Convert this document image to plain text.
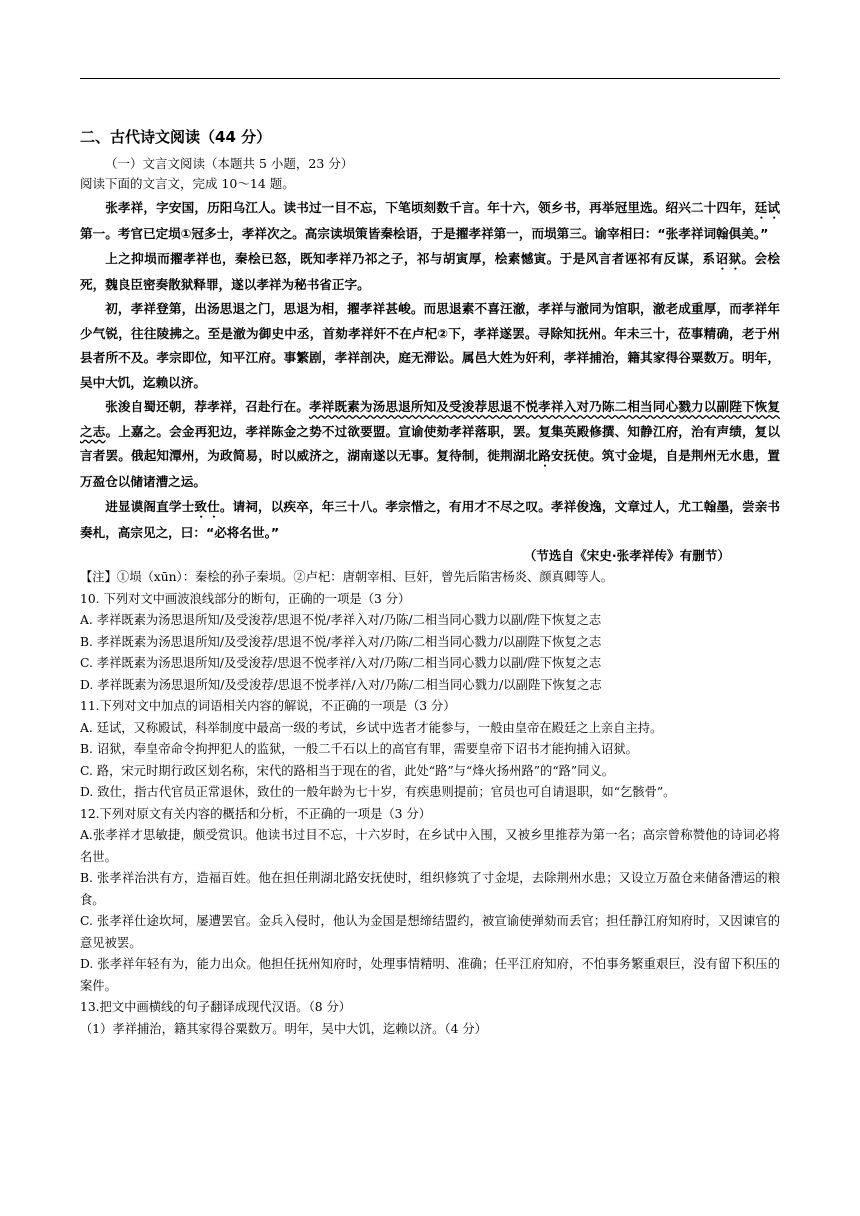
二、古代诗文阅读（44 分）

（一）文言文阅读（本题共 5 小题，23 分）

阅读下面的文言文，完成 10～14 题。

张孝祥，字安国，历阳乌江人。读书过一目不忘，下笔顷刻数千言。年十六，领乡书，再举冠里选。绍兴二十四年，廷试第一。考官已定埙①冠多士，孝祥次之。高宗读埙策皆秦桧语，于是擢孝祥第一，而埙第三。谕宰相曰：“张孝祥词翰俱美。”

上之抑埙而擢孝祥也，秦桧已怒，既知孝祥乃祁之子，祁与胡寅厚，桧素憾寅。于是风言者诬祁有反谋，系诏狱。会桧死，魏良臣密奏散狱释罪，遂以孝祥为秘书省正字。

初，孝祥登第，出汤思退之门，思退为相，擢孝祥甚峻。而思退素不喜汪澈，孝祥与澈同为馆职，澈老成重厚，而孝祥年少气锐，往往陵拂之。至是澈为御史中丞，首劾孝祥奸不在卢杞②下，孝祥遂罢。寻除知抚州。年未三十，莅事精确，老于州县者所不及。孝宗即位，知平江府。事繁剧，孝祥剖决，庭无滞讼。属邑大姓为奸利，孝祥捕治，籍其家得谷粟数万。明年，吴中大饥，迄赖以济。

张浚自蜀还朝，荐孝祥，召赴行在。孝祥既素为汤思退所知及受浚荐思退不悦孝祥入对乃陈二相当同心戮力以副陛下恢复之志。上嘉之。会金再犯边，孝祥陈金之势不过欲要盟。宣谕使劾孝祥落职，罢。复集英殿修撰、知静江府，治有声绩，复以言者罢。俄起知潭州，为政简易，时以威济之，湖南遂以无事。复待制，徙荆湖北路安抚使。筑寸金堤，自是荆州无水患，置万盈仓以储诸漕之运。

进显谟阁直学士致仕。请祠，以疾卒，年三十八。孝宗惜之，有用才不尽之叹。孝祥俊逸，文章过人，尤工翰墨，尝亲书奏札，高宗见之，曰：“必将名世。”

（节选自《宋史·张孝祥传》有删节）

【注】①埙（xūn）：秦桧的孙子秦埙。②卢杞：唐朝宰相、巨奸，曾先后陷害杨炎、颜真卿等人。

10. 下列对文中画波浪线部分的断句，正确的一项是（3 分）

A. 孝祥既素为汤思退所知/及受浚荐/思退不悦/孝祥入对/乃陈/二相当同心戮力以副/陛下恢复之志

B. 孝祥既素为汤思退所知/及受浚荐/思退不悦/孝祥入对/乃陈/二相当同心戮力/以副陛下恢复之志

C. 孝祥既素为汤思退所知/及受浚荐/思退不悦孝祥/入对/乃陈/二相当同心戮力以副/陛下恢复之志

D. 孝祥既素为汤思退所知/及受浚荐/思退不悦孝祥/入对/乃陈/二相当同心戮力/以副陛下恢复之志

11.下列对文中加点的词语相关内容的解说，不正确的一项是（3 分）

A. 廷试，又称殿试，科举制度中最高一级的考试，乡试中选者才能参与，一般由皇帝在殿廷之上亲自主持。

B. 诏狱，奉皇帝命令拘押犯人的监狱，一般二千石以上的高官有罪，需要皇帝下诏书才能拘捕入诏狱。

C. 路，宋元时期行政区划名称，宋代的路相当于现在的省，此处“路”与“烽火扬州路”的“路”同义。

D. 致仕，指古代官员正常退休，致仕的一般年龄为七十岁，有疾患则提前；官员也可自请退职，如“乞骸骨”。

12.下列对原文有关内容的概括和分析，不正确的一项是（3 分）

A.张孝祥才思敏捷，颇受赏识。他读书过目不忘，十六岁时，在乡试中入围，又被乡里推荐为第一名；高宗曾称赞他的诗词必将名世。

B. 张孝祥治洪有方，造福百姓。他在担任荆湖北路安抚使时，组织修筑了寸金堤，去除荆州水患；又设立万盈仓来储备漕运的粮食。

C. 张孝祥仕途坎坷，屡遭罢官。金兵入侵时，他认为金国是想缔结盟约，被宣谕使弹劾而丢官；担任静江府知府时，又因谏官的意见被罢。

D. 张孝祥年轻有为，能力出众。他担任抚州知府时，处理事情精明、准确；任平江府知府，不怕事务繁重艰巨，没有留下积压的案件。

13.把文中画横线的句子翻译成现代汉语。（8 分）

（1）孝祥捕治，籍其家得谷粟数万。明年，吴中大饥，迄赖以济。（4 分）
